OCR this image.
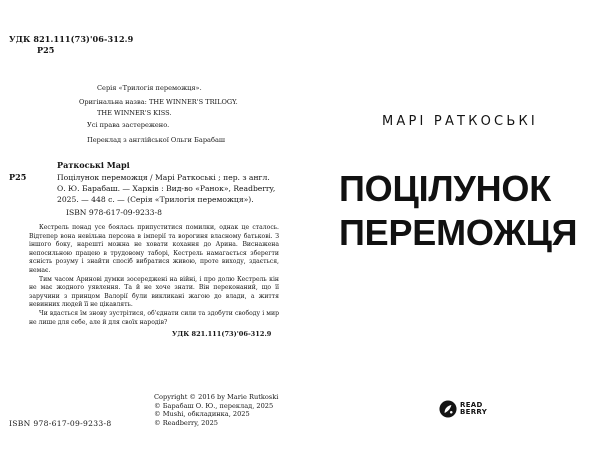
УДК 821.111(73)'06-312.9
Р25
Серія «Трилогія переможця».
Оригінальна назва: THE WINNER'S TRILOGY.
THE WINNER'S KISS.
Усі права застережено.
Переклад з англійської Ольги Барабаш
Раткоські Марі
Р25	Поцілунок переможця / Марі Раткоські ; пер. з англ.
О. Ю. Барабаш. — Харків : Вид-во «Ранок», Readberry,
2025. — 448 с. — (Серія «Трилогія переможця»).
ISBN 978-617-09-9233-8

Кестрель понад усе боялась припуститися помилки, однак це сталось. Відтепер вона невільна персона в імперії та ворогиня власному батькові. З іншого боку, нарешті можна не ховати кохання до Арина. Виснажена непосильною працею в трудовому таборі, Кестрель намагається зберегти ясність розуму і знайти спосіб вибратися живою, проте виходу, здається, немає.

Тим часом Аринові думки зосереджені на війні, і про долю Кестрель кін не має жодного уявлення. Та й не хоче знати. Він переконаний, що її заручини з принцом Валорії були викликані жагою до влади, а життя невинних людей її не цікавлять.

Чи вдасться їм знову зустрітися, об'єднати сили та здобути свободу і мир не лише для себе, але й для своїх народів?

УДК 821.111(73)'06-312.9
Copyright © 2016 by Marie Rutkoski
© Барабаш О. Ю., переклад, 2025
© Mushi, обкладинка, 2025
© Readberry, 2025
ISBN 978-617-09-9233-8
МАРІ РАТКОСЬКІ
ПОЦІЛУНОК
ПЕРЕМОЖЦЯ
READ
BERRY
